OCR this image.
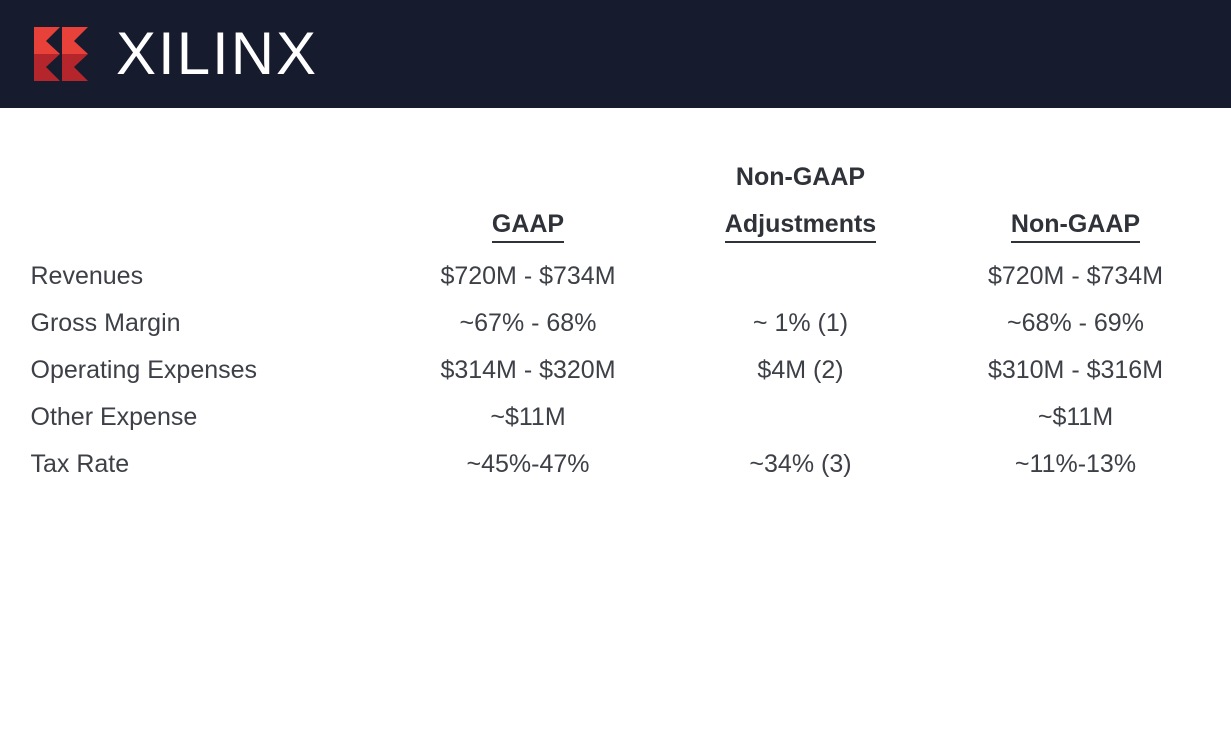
XILINX
		Non-GAAP	
	GAAP	Adjustments	Non-GAAP
Revenues	$720M - $734M		$720M - $734M
Gross Margin	~67% - 68%	~ 1% (1)	~68% - 69%
Operating Expenses	$314M - $320M	$4M (2)	$310M - $316M
Other Expense	~$11M		~$11M
Tax Rate	~45%-47%	~34% (3)	~11%-13%
